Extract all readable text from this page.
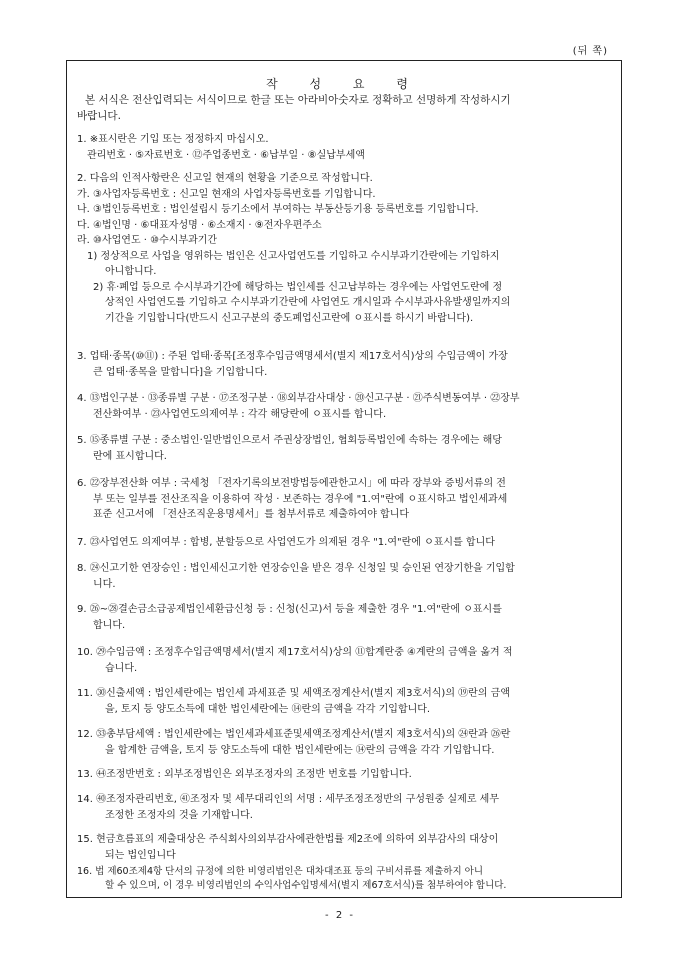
(뒤 쪽)
작 성 요 령
본 서식은 전산입력되는 서식이므로 한글 또는 아라비아숫자로 정확하고 선명하게 작성하시기
바랍니다.
1. ※표시란은 기입 또는 정정하지 마십시오.
관리번호 · ⑤자료번호 · ⑫주업종번호 · ⑥납부일 · ⑧실납부세액
2. 다음의 인적사항란은 신고일 현재의 현황을 기준으로 작성합니다.
가. ③사업자등록번호 : 신고일 현재의 사업자등록번호를 기입합니다.
나. ③법인등록번호 : 법인설립시 등기소에서 부여하는 부동산등기용 등록번호를 기입합니다.
다. ④법인명 · ⑥대표자성명 · ⑥소재지 · ⑨전자우편주소
라. ⑩사업연도 · ⑩수시부과기간
1) 정상적으로 사업을 영위하는 법인은 신고사업연도를 기입하고 수시부과기간란에는 기입하지
아니합니다.
2) 휴·폐업 등으로 수시부과기간에 해당하는 법인세를 신고납부하는 경우에는 사업연도란에 정
상적인 사업연도를 기입하고 수시부과기간란에 사업연도 개시일과 수시부과사유발생일까지의
기간을 기입합니다(반드시 신고구분의 중도폐업신고란에 ㅇ표시를 하시기 바랍니다).
3. 업태·종목(⑩⑪) : 주된 업태·종목[조정후수입금액명세서(별지 제17호서식)상의 수입금액이 가장
큰 업태·종목을 말합니다]을 기입합니다.
4. ⑬법인구분 · ⑬종류별 구분 · ⑰조정구분 · ⑱외부감사대상 · ⑳신고구분 · ㉑주식변동여부 · ㉒장부
전산화여부 · ㉓사업연도의제여부 : 각각 해당란에 ㅇ표시를 합니다.
5. ⑮종류별 구분 : 중소법인·일반법인으로서 주권상장법인, 협회등록법인에 속하는 경우에는 해당
란에 표시합니다.
6. ㉒장부전산화 여부 : 국세청 「전자기록의보전방법등에관한고시」에 따라 장부와 증빙서류의 전
부 또는 일부를 전산조직을 이용하여 작성 · 보존하는 경우에 "1.여"란에 ㅇ표시하고 법인세과세
표준 신고서에 「전산조직운용명세서」를 첨부서류로 제출하여야 합니다
7. ㉓사업연도 의제여부 : 합병, 분할등으로 사업연도가 의제된 경우 "1.여"란에 ㅇ표시를 합니다
8. ㉔신고기한 연장승인 : 법인세신고기한 연장승인을 받은 경우 신청일 및 승인된 연장기한을 기입합
니다.
9. ㉖~㉘결손금소급공제법인세환급신청 등 : 신청(신고)서 등을 제출한 경우 "1.여"란에 ㅇ표시를
합니다.
10. ㉙수입금액 : 조정후수입금액명세서(별지 제17호서식)상의 ⑪합계란중 ④계란의 금액을 옮겨 적
습니다.
11. ㉚신출세액 : 법인세란에는 법인세 과세표준 및 세액조정계산서(별지 제3호서식)의 ⑲란의 금액
을, 토지 등 양도소득에 대한 법인세란에는 ⑭란의 금액을 각각 기입합니다.
12. ㉝총부담세액 : 법인세란에는 법인세과세표준및세액조정계산서(별지 제3호서식)의 ㉔란과 ㉖란
을 합계한 금액을, 토지 등 양도소득에 대한 법인세란에는 ⑭란의 금액을 각각 기입합니다.
13. ㊹조정반번호 : 외부조정법인은 외부조정자의 조정반 번호를 기입합니다.
14. ㊵조정자관리번호, ㊶조정자 및 세무대리인의 서명 : 세무조정조정반의 구성원중 실제로 세무
조정한 조정자의 것을 기재합니다.
15. 현금흐름표의 제출대상은 주식회사의외부감사에관한법률 제2조에 의하여 외부감사의 대상이
되는 법인입니다
16. 법 제60조제4항 단서의 규정에 의한 비영리법인은 대차대조표 등의 구비서류를 제출하지 아니
할 수 있으며, 이 경우 비영리법인의 수익사업수입명세서(별지 제67호서식)를 첨부하여야 합니다.
- 2 -
